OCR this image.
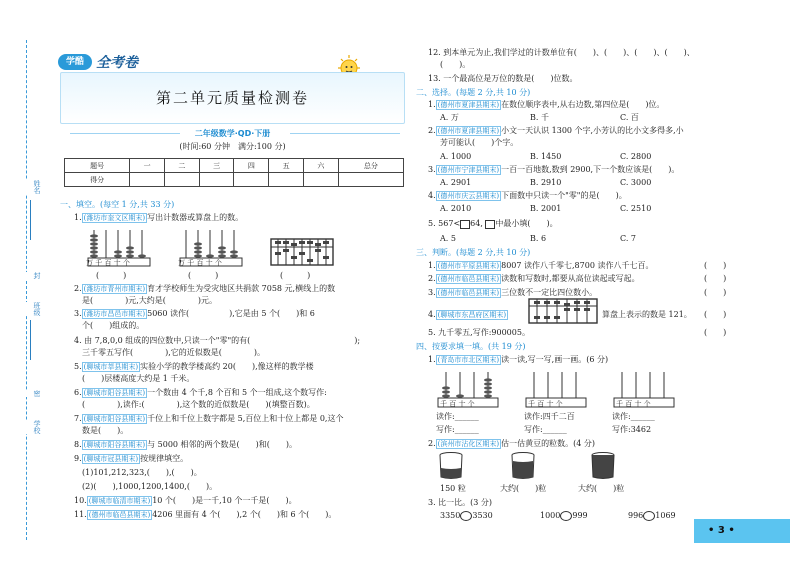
姓名
封
班级
密
学校
学酷 全考卷
第二单元质量检测卷
二年级数学·QD·下册
(时间:60 分钟　满分:100 分)
题号	一	二	三	四	五	六	总分
得分							
一、填空。(每空 1 分,共 33 分)
1. (潍坊市奎文区期末) 写出计数器或算盘上的数。
万 千 百 十 个
(　　　)
万 千 百 十 个
(　　　)	(　　　)
2. (潍坊市青州市期末) 育才学校师生为受灾地区共捐款 7058 元,横线上的数
是(　　　　)元,大约是(　　　　)元。
3. (潍坊市昌邑市期末) 5060 读作(　　　　　),它是由 5 个(　　)和 6
个(　　)组成的。
4. 由 7,8,0,0 组成的四位数中,只读一个"零"的有(　　　　　　　　　　　　　);
三千零五写作(　　　　),它的近似数是(　　　　)。
5. (聊城市莘县期末) 实验小学的教学楼高约 20(　　),像这样的教学楼
(　　)层楼高度大约是 1 千米。
6. (聊城市阳谷县期末) 一个数由 4 个千,8 个百和 5 个一组成,这个数写作:
(　　　　),读作:(　　　　),这个数的近似数是(　　)(填整百数)。
7. (聊城市阳谷县期末) 千位上和千位上数字都是 5,百位上和十位上都是 0,这个
数是(　　)。
8. (聊城市阳谷县期末) 与 5000 相邻的两个数是(　　)和(　　)。
9. (聊城市冠县期末) 按规律填空。
(1)101,212,323,(　　),(　　)。
(2)(　　),1000,1200,1400,(　　)。
10. (聊城市临清市期末) 10 个(　　)是一千,10 个一千是(　　)。
11. (德州市临邑县期末) 4206 里面有 4 个(　　),2 个(　　)和 6 个(　　)。
12. 到本单元为止,我们学过的计数单位有(　　)、(　　)、(　　)、(　　)、
(　　)。
13. 一个最高位是万位的数是(　　)位数。
二、选择。(每题 2 分,共 10 分)
1. (德州市夏津县期末) 在数位顺序表中,从右边数,第四位是(　　)位。
A. 万	B. 千	C. 百
2. (德州市夏津县期末) 小文一天认识 1300 个字,小芳认的比小文多得多,小
芳可能认(　　)个字。
A. 1000	B. 1450	C. 2800
3. (德州市宁津县期末) 一百一百地数,数到 2900,下一个数应该是(　　)。
A. 2901	B. 2910	C. 3000
4. (德州市庆云县期末) 下面数中只读一个"零"的是(　　)。
A. 2010	B. 2001	C. 2510
5. 567< 64, 中最小填(　　)。
A. 5	B. 6	C. 7
三、判断。(每题 2 分,共 10 分)
1. (德州市平原县期末) 8007 读作八千零七,8700 读作八千七百。	(　　)
2. (德州市临邑县期末) 读数和写数时,都要从高位读起或写起。	(　　)
3. (德州市临邑县期末) 三位数不一定比四位数小。	(　　)
4. (聊城市东昌府区期末)	算盘上表示的数是 121。 (　　)
5. 九千零五,写作:900005。	(　　)
四、按要求填一填。(共 19 分)
1. (青岛市市北区期末) 读一读,写一写,画一画。(6 分)
千 百 十 个
读作:______
写作:______
千 百 十 个
读作:四千二百
写作:______
千 百 十 个
读作:______
写作:3462
2. (滨州市沾化区期末) 估一估黄豆的粒数。(4 分)
150 粒	大约(　　)粒	大约(　　)粒
3. 比一比。(3 分)
3350 3530	1000 999	996 1069
• 3 •
